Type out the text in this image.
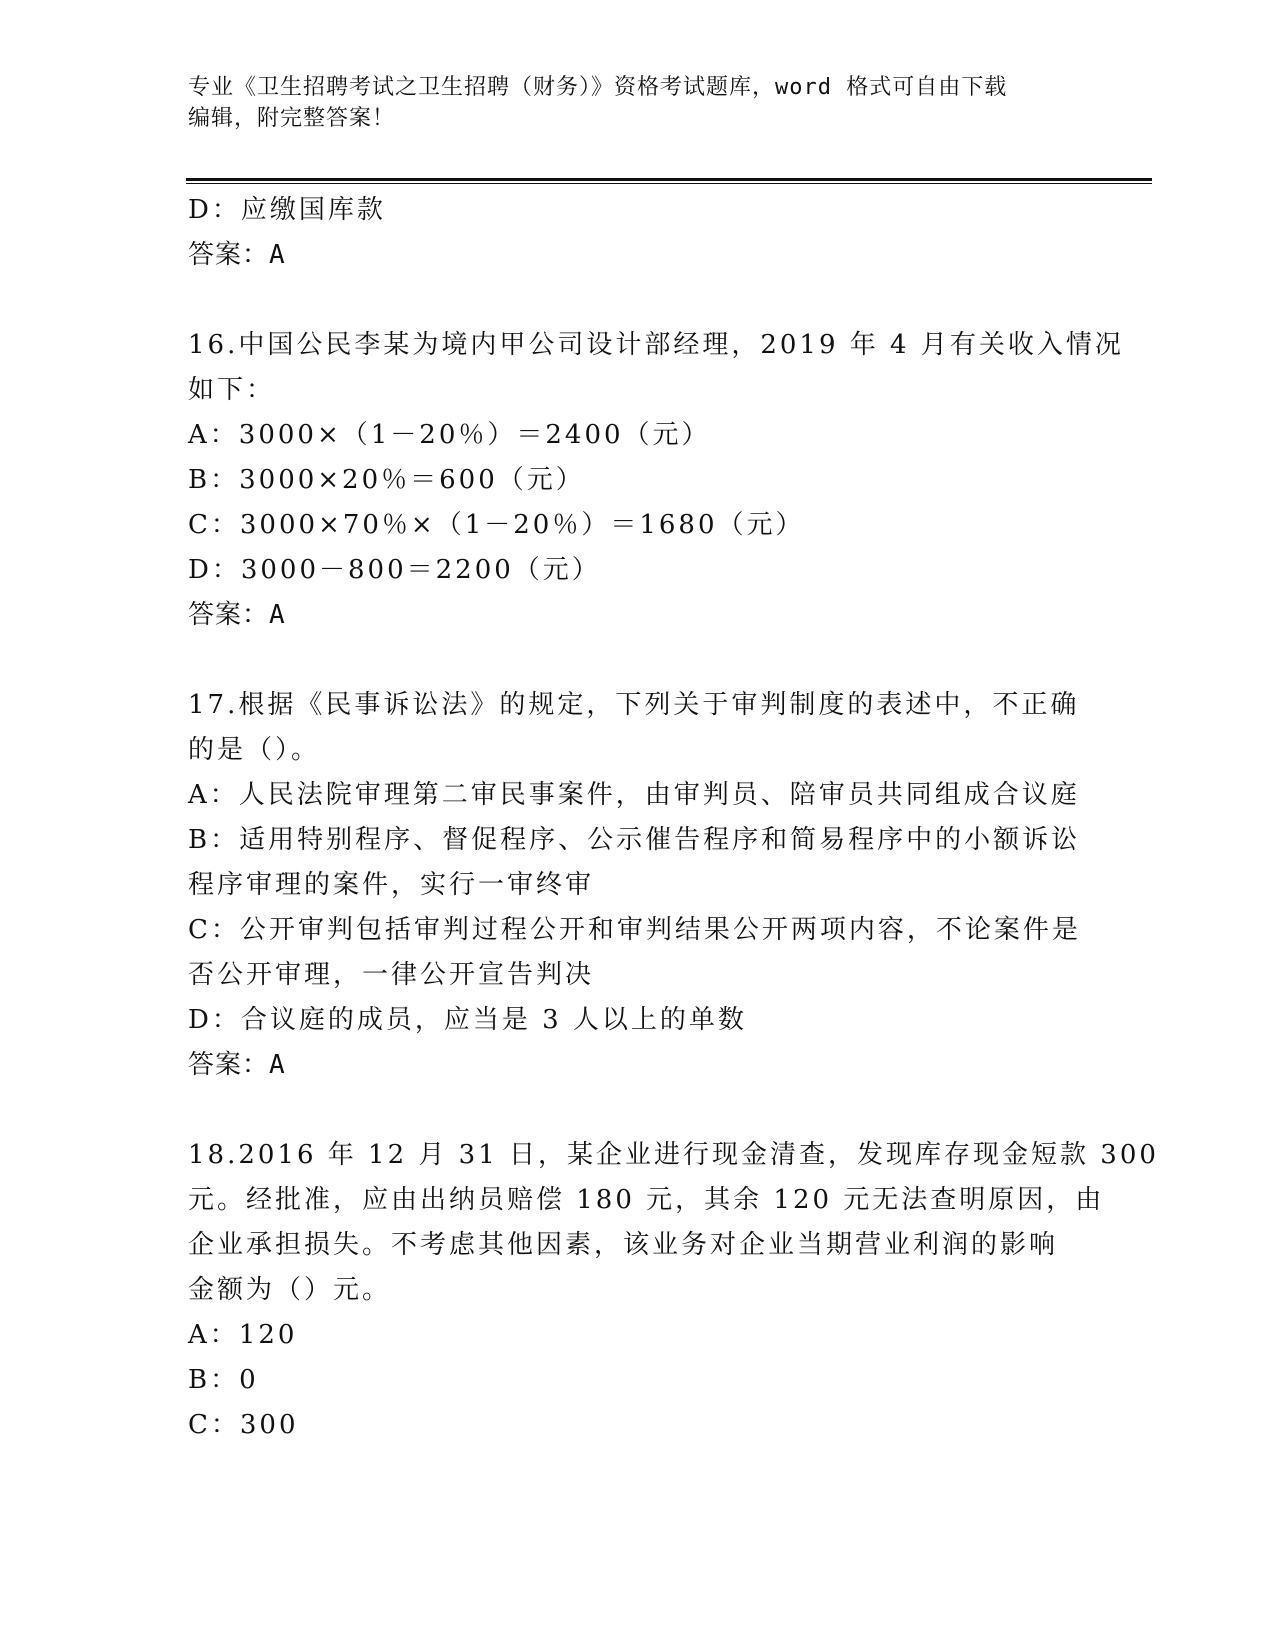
专业《卫生招聘考试之卫生招聘（财务）》资格考试题库，word 格式可自由下载
编辑，附完整答案！
D：应缴国库款
答案：A
16.中国公民李某为境内甲公司设计部经理，2019 年 4 月有关收入情况
如下：
A：3000×（1－20％）＝2400（元）
B：3000×20％＝600（元）
C：3000×70％×（1－20％）＝1680（元）
D：3000－800＝2200（元）
答案：A
17.根据《民事诉讼法》的规定，下列关于审判制度的表述中，不正确
的是（）。
A：人民法院审理第二审民事案件，由审判员、陪审员共同组成合议庭
B：适用特别程序、督促程序、公示催告程序和简易程序中的小额诉讼
程序审理的案件，实行一审终审
C：公开审判包括审判过程公开和审判结果公开两项内容，不论案件是
否公开审理，一律公开宣告判决
D：合议庭的成员，应当是 3 人以上的单数
答案：A
18.2016 年 12 月 31 日，某企业进行现金清查，发现库存现金短款 300
元。经批准，应由出纳员赔偿 180 元，其余 120 元无法查明原因，由
企业承担损失。不考虑其他因素，该业务对企业当期营业利润的影响
金额为（）元。
A：120
B：0
C：300
